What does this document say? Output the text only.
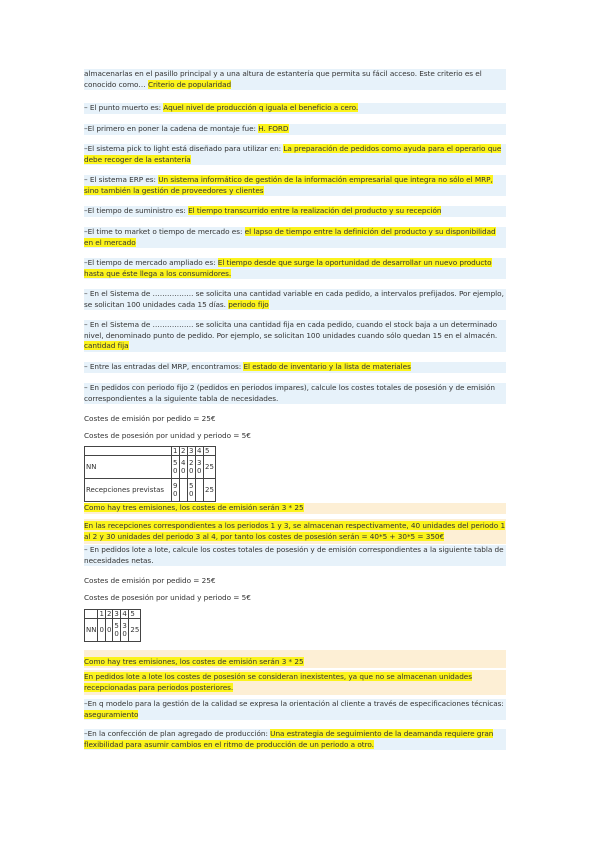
almacenarlas en el pasillo principal y a una altura de estantería que permita su fácil acceso. Este criterio es el conocido como… Criterio de popularidad
– El punto muerto es: Aquel nivel de producción q iguala el beneficio a cero.
–El primero en poner la cadena de montaje fue: H. FORD
–El sistema pick to light está diseñado para utilizar en: La preparación de pedidos como ayuda para el operario que debe recoger de la estantería
– El sistema ERP es: Un sistema informático de gestión de la información empresarial que integra no sólo el MRP, sino también la gestión de proveedores y clientes
–El tiempo de suministro es: El tiempo transcurrido entre la realización del producto y su recepción
–El time to market o tiempo de mercado es: el lapso de tiempo entre la definición del producto y su disponibilidad en el mercado
–El tiempo de mercado ampliado es: El tiempo desde que surge la oportunidad de desarrollar un nuevo producto hasta que éste llega a los consumidores.
– En el Sistema de …………….. se solicita una cantidad variable en cada pedido, a intervalos prefijados. Por ejemplo, se solicitan 100 unidades cada 15 días. periodo fijo
– En el Sistema de …………….. se solicita una cantidad fija en cada pedido, cuando el stock baja a un determinado nivel, denominado punto de pedido. Por ejemplo, se solicitan 100 unidades cuando sólo quedan 15 en el almacén. cantidad fija
– Entre las entradas del MRP, encontramos: El estado de inventario y la lista de materiales
– En pedidos con periodo fijo 2 (pedidos en periodos impares), calcule los costes totales de posesión y de emisión correspondientes a la siguiente tabla de necesidades.
Costes de emisión por pedido = 25€
Costes de posesión por unidad y periodo = 5€
	1	2	3	4	5
NN	5 0	4 0	2 0	3 0	25
Recepciones previstas	9 0		5 0		25
Como hay tres emisiones, los costes de emisión serán 3 * 25
En las recepciones correspondientes a los periodos 1 y 3, se almacenan respectivamente, 40 unidades del periodo 1 al 2 y 30 unidades del periodo 3 al 4, por tanto los costes de posesión serán = 40*5 + 30*5 = 350€
– En pedidos lote a lote, calcule los costes totales de posesión y de emisión correspondientes a la siguiente tabla de necesidades netas.
Costes de emisión por pedido = 25€
Costes de posesión por unidad y periodo = 5€
	1	2	3	4	5
NN	0	0	5 0	3 0	25
Como hay tres emisiones, los costes de emisión serán 3 * 25
En pedidos lote a lote los costes de posesión se consideran inexistentes, ya que no se almacenan unidades recepcionadas para periodos posteriores.
–En q modelo para la gestión de la calidad se expresa la orientación al cliente a través de especificaciones técnicas: aseguramiento
–En la confección de plan agregado de producción: Una estrategia de seguimiento de la deamanda requiere gran flexibilidad para asumir cambios en el ritmo de producción de un periodo a otro.
